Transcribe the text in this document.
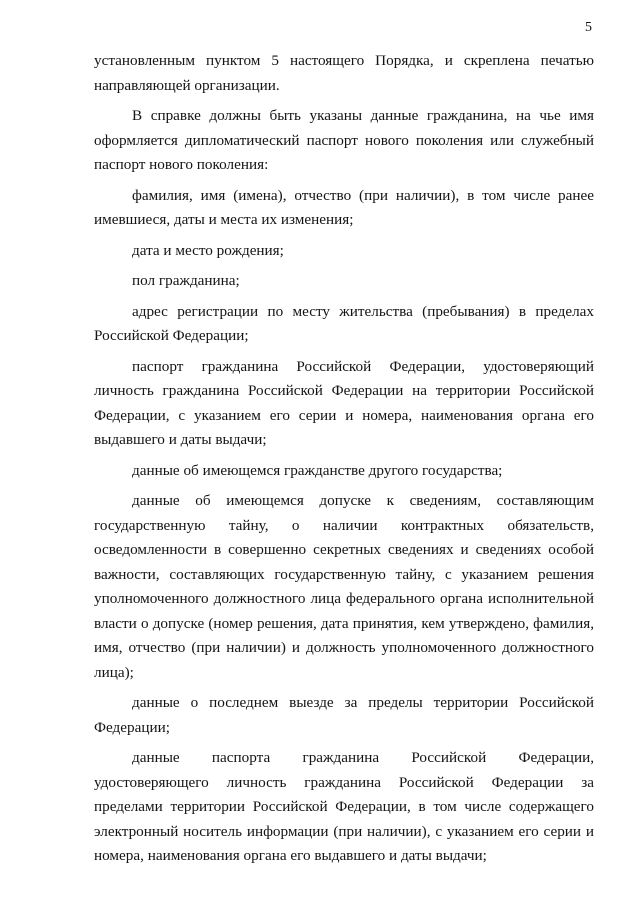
5

установленным пунктом 5 настоящего Порядка, и скреплена печатью направляющей организации.

В справке должны быть указаны данные гражданина, на чье имя оформляется дипломатический паспорт нового поколения или служебный паспорт нового поколения:

фамилия, имя (имена), отчество (при наличии), в том числе ранее имевшиеся, даты и места их изменения;

дата и место рождения;

пол гражданина;

адрес регистрации по месту жительства (пребывания) в пределах Российской Федерации;

паспорт гражданина Российской Федерации, удостоверяющий личность гражданина Российской Федерации на территории Российской Федерации, с указанием его серии и номера, наименования органа его выдавшего и даты выдачи;

данные об имеющемся гражданстве другого государства;

данные об имеющемся допуске к сведениям, составляющим государственную тайну, о наличии контрактных обязательств, осведомленности в совершенно секретных сведениях и сведениях особой важности, составляющих государственную тайну, с указанием решения уполномоченного должностного лица федерального органа исполнительной власти о допуске (номер решения, дата принятия, кем утверждено, фамилия, имя, отчество (при наличии) и должность уполномоченного должностного лица);

данные о последнем выезде за пределы территории Российской Федерации;

данные паспорта гражданина Российской Федерации, удостоверяющего личность гражданина Российской Федерации за пределами территории Российской Федерации, в том числе содержащего электронный носитель информации (при наличии), с указанием его серии и номера, наименования органа его выдавшего и даты выдачи;
